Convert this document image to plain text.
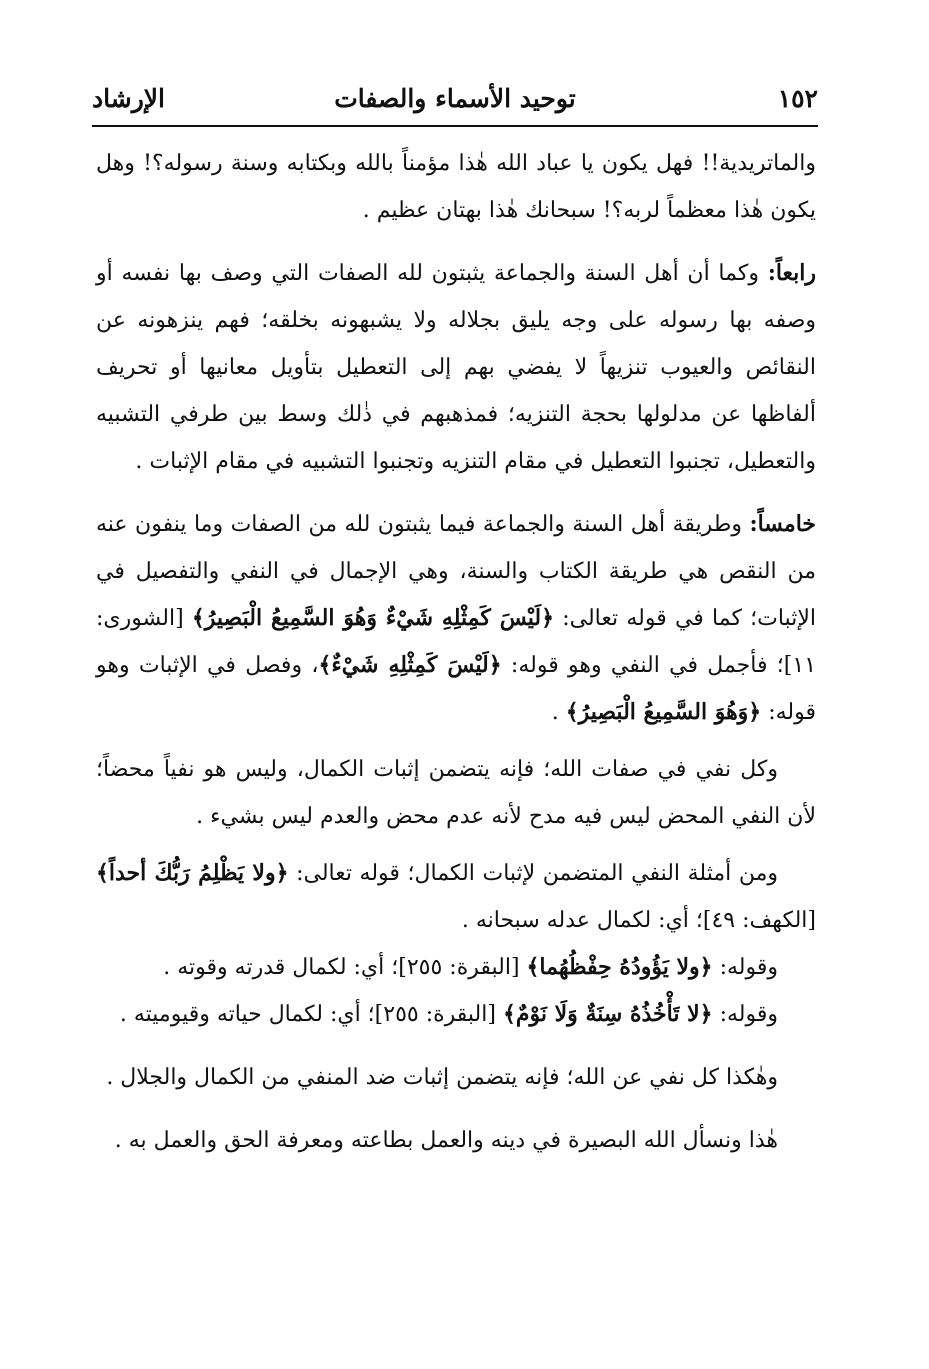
١٥٢
توحيد الأسماء والصفات
الإرشاد

والماتريدية!! فهل يكون يا عباد الله هٰذا مؤمناً بالله وبكتابه وسنة رسوله؟! وهل يكون هٰذا معظماً لربه؟! سبحانك هٰذا بهتان عظيم .

رابعاً: وكما أن أهل السنة والجماعة يثبتون لله الصفات التي وصف بها نفسه أو وصفه بها رسوله على وجه يليق بجلاله ولا يشبهونه بخلقه؛ فهم ينزهونه عن النقائص والعيوب تنزيهاً لا يفضي بهم إلى التعطيل بتأويل معانيها أو تحريف ألفاظها عن مدلولها بحجة التنزيه؛ فمذهبهم في ذٰلك وسط بين طرفي التشبيه والتعطيل، تجنبوا التعطيل في مقام التنزيه وتجنبوا التشبيه في مقام الإثبات .

خامساً: وطريقة أهل السنة والجماعة فيما يثبتون لله من الصفات وما ينفون عنه من النقص هي طريقة الكتاب والسنة، وهي الإجمال في النفي والتفصيل في الإثبات؛ كما في قوله تعالى: ﴿لَيْسَ كَمِثْلِهِ شَيْءٌ وَهُوَ السَّمِيعُ الْبَصِيرُ﴾ [الشورى: ١١]؛ فأجمل في النفي وهو قوله: ﴿لَيْسَ كَمِثْلِهِ شَيْءٌ﴾، وفصل في الإثبات وهو قوله: ﴿وَهُوَ السَّمِيعُ الْبَصِيرُ﴾ .

وكل نفي في صفات الله؛ فإنه يتضمن إثبات الكمال، وليس هو نفياً محضاً؛ لأن النفي المحض ليس فيه مدح لأنه عدم محض والعدم ليس بشيء .

ومن أمثلة النفي المتضمن لإثبات الكمال؛ قوله تعالى: ﴿ولا يَظْلِمُ رَبُّكَ أحداً﴾ [الكهف: ٤٩]؛ أي: لكمال عدله سبحانه .

وقوله: ﴿ولا يَؤُودُهُ حِفْظُهُما﴾ [البقرة: ٢٥٥]؛ أي: لكمال قدرته وقوته .

وقوله: ﴿لا تَأْخُذُهُ سِنَةٌ وَلَا نَوْمٌ﴾ [البقرة: ٢٥٥]؛ أي: لكمال حياته وقيوميته .

وهٰكذا كل نفي عن الله؛ فإنه يتضمن إثبات ضد المنفي من الكمال والجلال .

هٰذا ونسأل الله البصيرة في دينه والعمل بطاعته ومعرفة الحق والعمل به .
